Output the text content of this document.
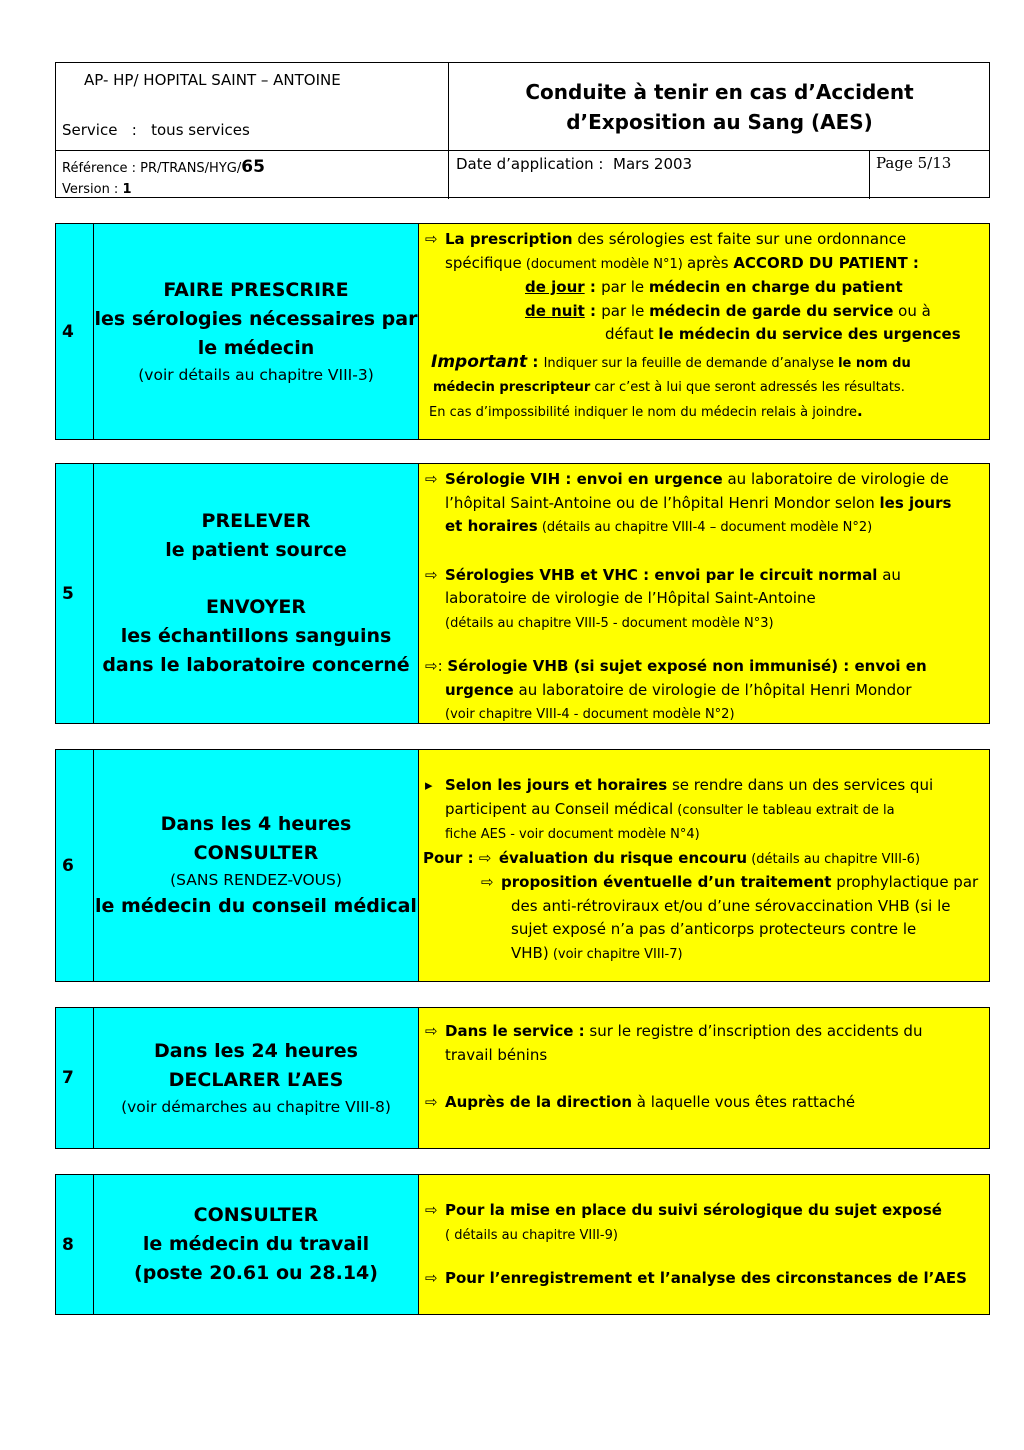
AP- HP/ HOPITAL SAINT – ANTOINE
Service : tous services
Conduite à tenir en cas d’Accident
d’Exposition au Sang (AES)
Référence : PR/TRANS/HYG/65
Version : 1
Date d’application : Mars 2003	Page 5/13
4
FAIRE PRESCRIRE
les sérologies nécessaires par
le médecin
(voir détails au chapitre VIII-3)

⇨ La prescription des sérologies est faite sur une ordonnance

spécifique (document modèle N°1) après ACCORD DU PATIENT :

de jour : par le médecin en charge du patient

de nuit : par le médecin de garde du service ou à

défaut le médecin du service des urgences

Important : Indiquer sur la feuille de demande d’analyse le nom du

médecin prescripteur car c’est à lui que seront adressés les résultats.

En cas d’impossibilité indiquer le nom du médecin relais à joindre.

5
PRELEVER
le patient source
ENVOYER
les échantillons sanguins
dans le laboratoire concerné

⇨ Sérologie VIH : envoi en urgence au laboratoire de virologie de

l’hôpital Saint-Antoine ou de l’hôpital Henri Mondor selon les jours

et horaires (détails au chapitre VIII-4 – document modèle N°2)

⇨ Sérologies VHB et VHC : envoi par le circuit normal au

laboratoire de virologie de l’Hôpital Saint-Antoine

(détails au chapitre VIII-5 - document modèle N°3)

⇨: Sérologie VHB (si sujet exposé non immunisé) : envoi en

urgence au laboratoire de virologie de l’hôpital Henri Mondor

(voir chapitre VIII-4 - document modèle N°2)

6
Dans les 4 heures
CONSULTER
(SANS RENDEZ-VOUS)
le médecin du conseil médical

▸ Selon les jours et horaires se rendre dans un des services qui

participent au Conseil médical (consulter le tableau extrait de la

fiche AES - voir document modèle N°4)

Pour : ⇨ évaluation du risque encouru (détails au chapitre VIII-6)

⇨ proposition éventuelle d’un traitement prophylactique par

des anti-rétroviraux et/ou d’une sérovaccination VHB (si le

sujet exposé n’a pas d’anticorps protecteurs contre le

VHB) (voir chapitre VIII-7)

7
Dans les 24 heures
DECLARER L’AES
(voir démarches au chapitre VIII-8)

⇨ Dans le service : sur le registre d’inscription des accidents du

travail bénins

⇨ Auprès de la direction à laquelle vous êtes rattaché

8
CONSULTER
le médecin du travail
(poste 20.61 ou 28.14)

⇨ Pour la mise en place du suivi sérologique du sujet exposé

( détails au chapitre VIII-9)

⇨ Pour l’enregistrement et l’analyse des circonstances de l’AES
